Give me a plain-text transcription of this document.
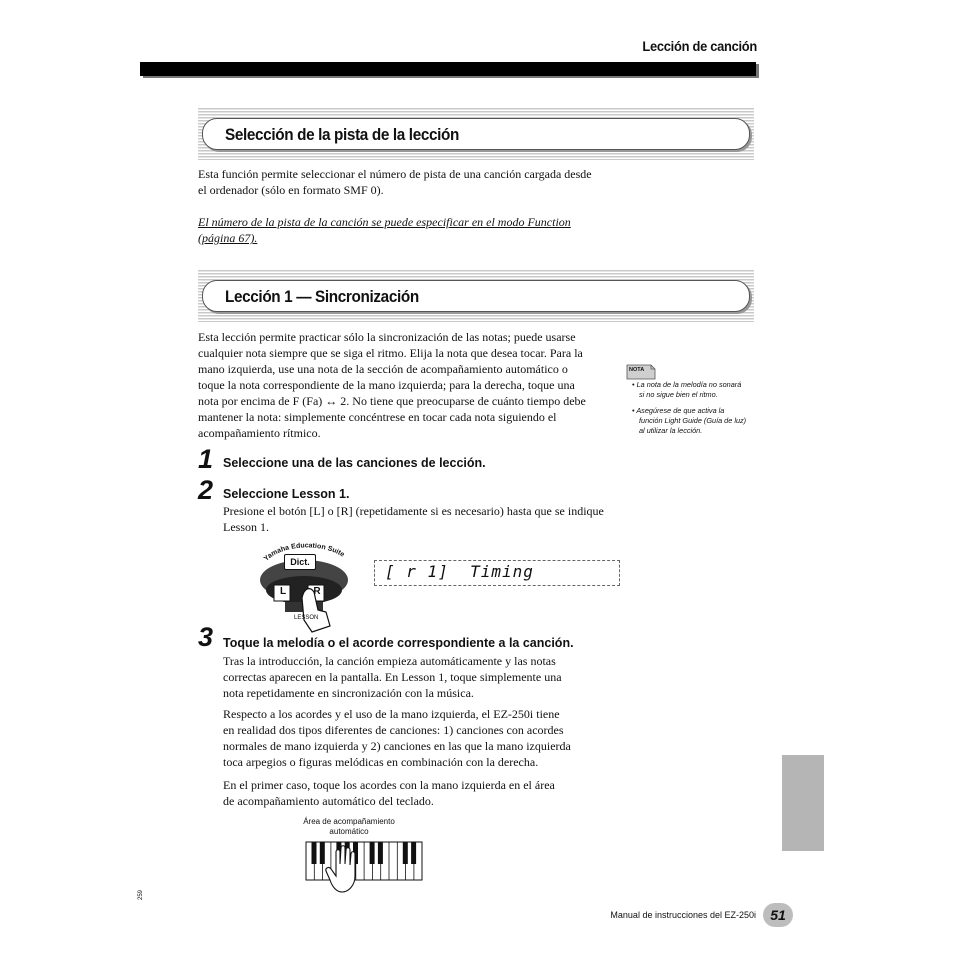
Lección de canción
Selección de la pista de la lección
Esta función permite seleccionar el número de pista de una canción cargada desde
el ordenador (sólo en formato SMF 0).
El número de la pista de la canción se puede especificar en el modo Function
(página 67).
Lección 1 — Sincronización
Esta lección permite practicar sólo la sincronización de las notas; puede usarse
cualquier nota siempre que se siga el ritmo. Elija la nota que desea tocar. Para la
mano izquierda, use una nota de la sección de acompañamiento automático o
toque la nota correspondiente de la mano izquierda; para la derecha, toque una
nota por encima de F (Fa) ↔ 2. No tiene que preocuparse de cuánto tiempo debe
mantener la nota: simplemente concéntrese en tocar cada nota siguiendo el
acompañamiento rítmico.
NOTA
• La nota de la melodía no sonará
si no sigue bien el ritmo.
• Asegúrese de que activa la
función Light Guide (Guía de luz)
al utilizar la lección.
1 Seleccione una de las canciones de lección.
2 Seleccione Lesson 1.
Presione el botón [L] o [R] (repetidamente si es necesario) hasta que se indique
Lesson 1.
Yamaha Education Suite
LESSON
Dict.
L	R
[ r 1]  Timing
3 Toque la melodía o el acorde correspondiente a la canción.
Tras la introducción, la canción empieza automáticamente y las notas
correctas aparecen en la pantalla. En Lesson 1, toque simplemente una
nota repetidamente en sincronización con la música.
Respecto a los acordes y el uso de la mano izquierda, el EZ-250i tiene
en realidad dos tipos diferentes de canciones: 1) canciones con acordes
normales de mano izquierda y 2) canciones en las que la mano izquierda
toca arpegios o figuras melódicas en combinación con la derecha.
En el primer caso, toque los acordes con la mano izquierda en el área
de acompañamiento automático del teclado.
Área de acompañamiento
automático
259
Manual de instrucciones del EZ-250i	51
